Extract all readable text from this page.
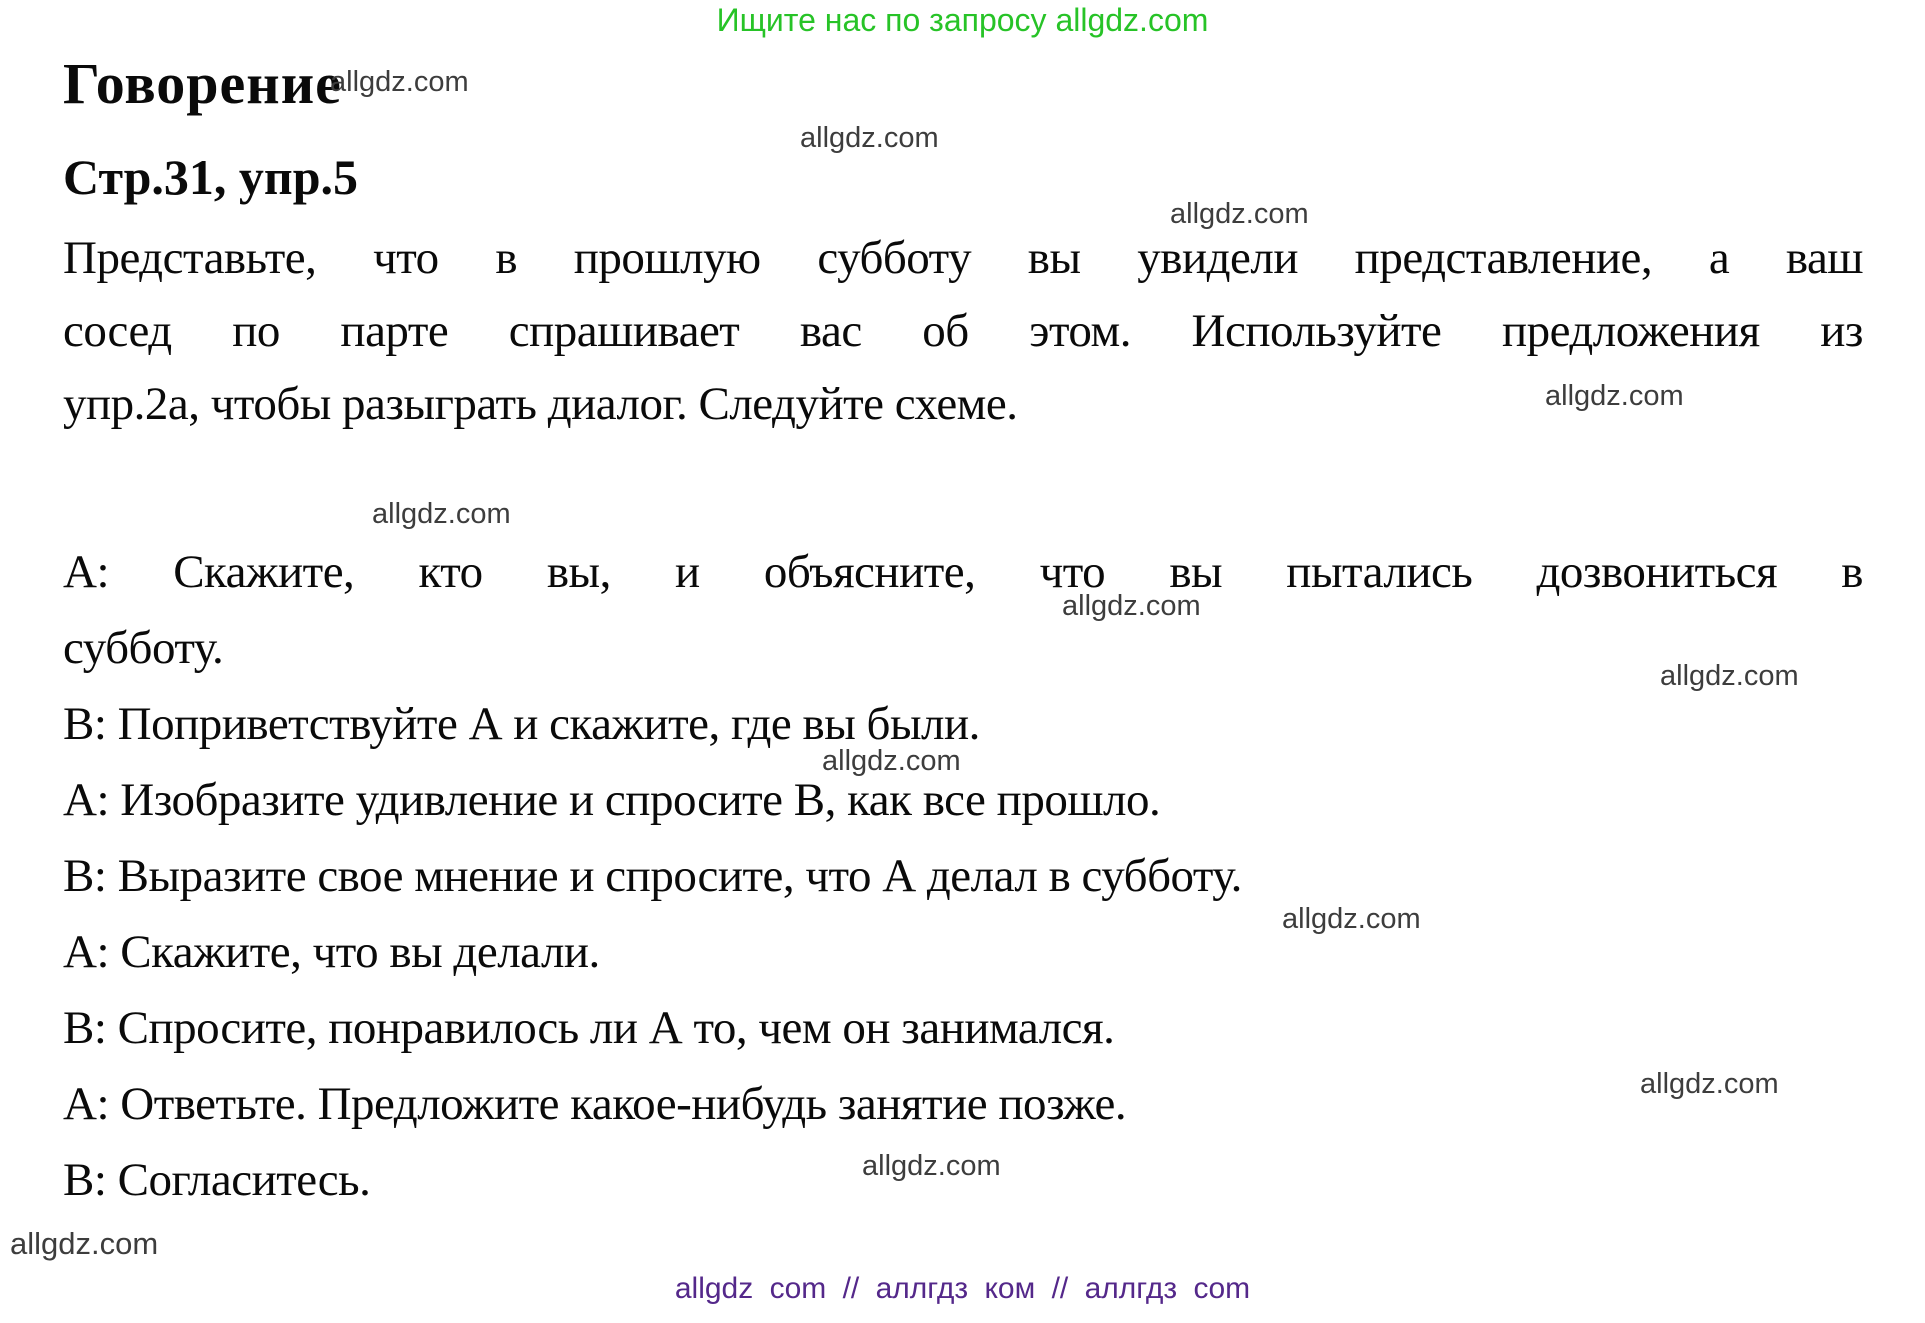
Ищите нас по запросу allgdz.com
Говорение
Стр.31, упр.5

Представьте, что в прошлую субботу вы увидели представление, а ваш

сосед по парте спрашивает вас об этом. Используйте предложения из

упр.2а, чтобы разыграть диалог. Следуйте схеме.

А: Скажите, кто вы, и объясните, что вы пытались дозвониться в

субботу.

В: Поприветствуйте А и скажите, где вы были.

А: Изобразите удивление и спросите В, как все прошло.

В: Выразите свое мнение и спросите, что А делал в субботу.

А: Скажите, что вы делали.

В: Спросите, понравилось ли А то, чем он занимался.

А: Ответьте. Предложите какое-нибудь занятие позже.

В: Согласитесь.

allgdz.com
allgdz.com
allgdz.com
allgdz.com
allgdz.com
allgdz.com
allgdz.com
allgdz.com
allgdz.com
allgdz.com
allgdz.com
allgdz.com
allgdz com // аллгдз ком // аллгдз com
